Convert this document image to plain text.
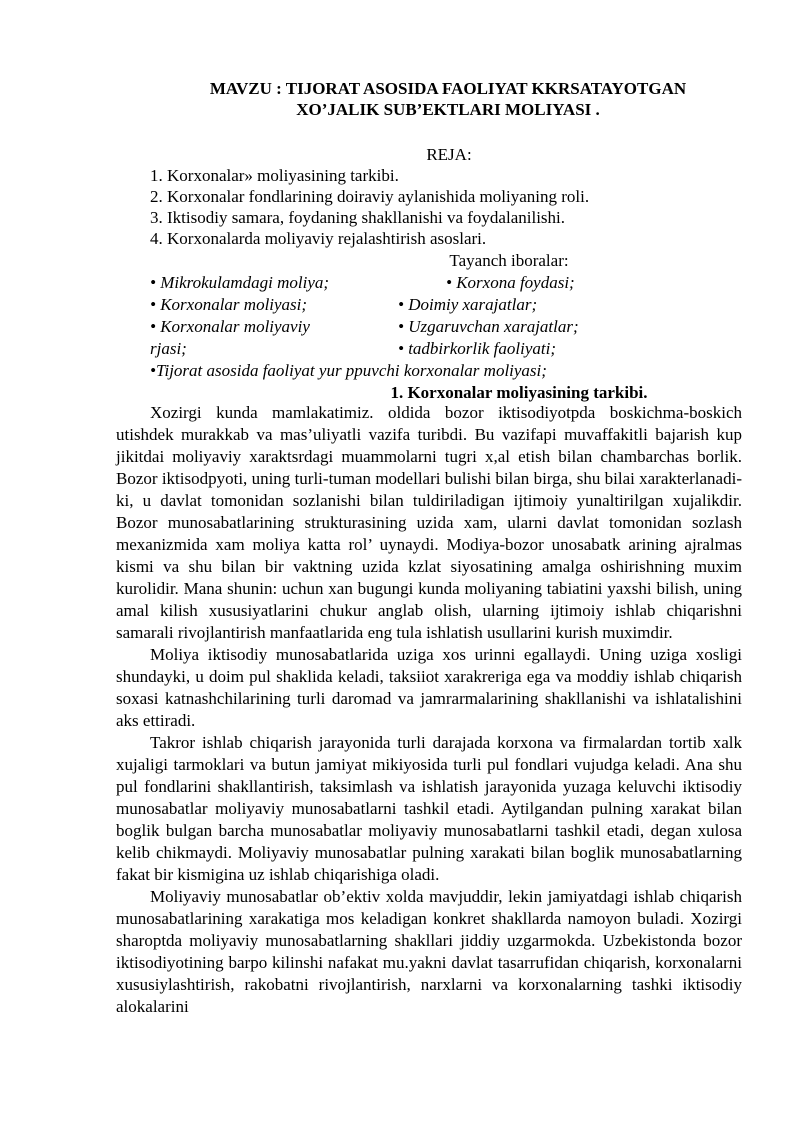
MAVZU : TIJORAT ASOSIDA FAOLIYAT KKRSATAYOTGAN
XO’JALIK SUB’EKTLARI MOLIYASI .
REJA:
1. Korxonalar» moliyasining tarkibi.
2. Korxonalar fondlarining doiraviy aylanishida moliyaning roli.
3. Iktisodiy samara, foydaning shakllanishi va foydalanilishi.
4. Korxonalarda moliyaviy rejalashtirish asoslari.
Tayanch iboralar:
• Mikrokulamdagi moliya;	• Korxona foydasi;
• Korxonalar moliyasi;	• Doimiy xarajatlar;
• Korxonalar moliyaviy	• Uzgaruvchan xarajatlar;
rjasi;	• tadbirkorlik faoliyati;
•Tijorat asosida faoliyat yur ppuvchi korxonalar moliyasi;
1. Korxonalar moliyasining tarkibi.

Xozirgi kunda mamlakatimiz. oldida bozor iktisodiyotpda boskichma-boskich utishdek murakkab va mas’uliyatli vazifa turibdi. Bu vazifapi muvaffakitli bajarish kup jikitdai moliyaviy xaraktsrdagi muammolarni tugri x,al etish bilan chambarchas borlik. Bozor iktisodpyoti, uning turli-tuman modellari bulishi bilan birga, shu bilai xarakterlanadi-ki, u davlat tomonidan sozlanishi bilan tuldiriladigan ijtimoiy yunaltirilgan xujalikdir. Bozor munosabatlarining strukturasining uzida xam, ularni davlat tomonidan sozlash mexanizmida xam moliya katta rol’ uynaydi. Modiya-bozor unosabatk arining ajralmas kismi va shu bilan bir vaktning uzida kzlat siyosatining amalga oshirishning muxim kurolidir. Mana shunin: uchun xan bugungi kunda moliyaning tabiatini yaxshi bilish, uning amal kilish xususiyatlarini chukur anglab olish, ularning ijtimoiy ishlab chiqarishni samarali rivojlantirish manfaatlarida eng tula ishlatish usullarini kurish muximdir.

Moliya iktisodiy munosabatlarida uziga xos urinni egallaydi. Uning uziga xosligi shundayki, u doim pul shaklida keladi, taksiiot xarakreriga ega va moddiy ishlab chiqarish soxasi katnashchilarining turli daromad va jamrarmalarining shakllanishi va ishlatalishini aks ettiradi.

Takror ishlab chiqarish jarayonida turli darajada korxona va firmalardan tortib xalk xujaligi tarmoklari va butun jamiyat mikiyosida turli pul fondlari vujudga keladi. Ana shu pul fondlarini shakllantirish, taksimlash va ishlatish jarayonida yuzaga keluvchi iktisodiy munosabatlar moliyaviy munosabatlarni tashkil etadi. Aytilgandan pulning xarakat bilan boglik bulgan barcha munosabatlar moliyaviy munosabatlarni tashkil etadi, degan xulosa kelib chikmaydi. Moliyaviy munosabatlar pulning xarakati bilan boglik munosabatlarning fakat bir kismigina uz ishlab chiqarishiga oladi.

Moliyaviy munosabatlar ob’ektiv xolda mavjuddir, lekin jamiyatdagi ishlab chiqarish munosabatlarining xarakatiga mos keladigan konkret shakllarda namoyon buladi. Xozirgi sharoptda moliyaviy munosabatlarning shakllari jiddiy uzgarmokda. Uzbekistonda bozor iktisodiyotining barpo kilinshi nafakat mu.yakni davlat tasarrufidan chiqarish, korxonalarni xususiylashtirish, rakobatni rivojlantirish, narxlarni va korxonalarning tashki iktisodiy alokalarini
